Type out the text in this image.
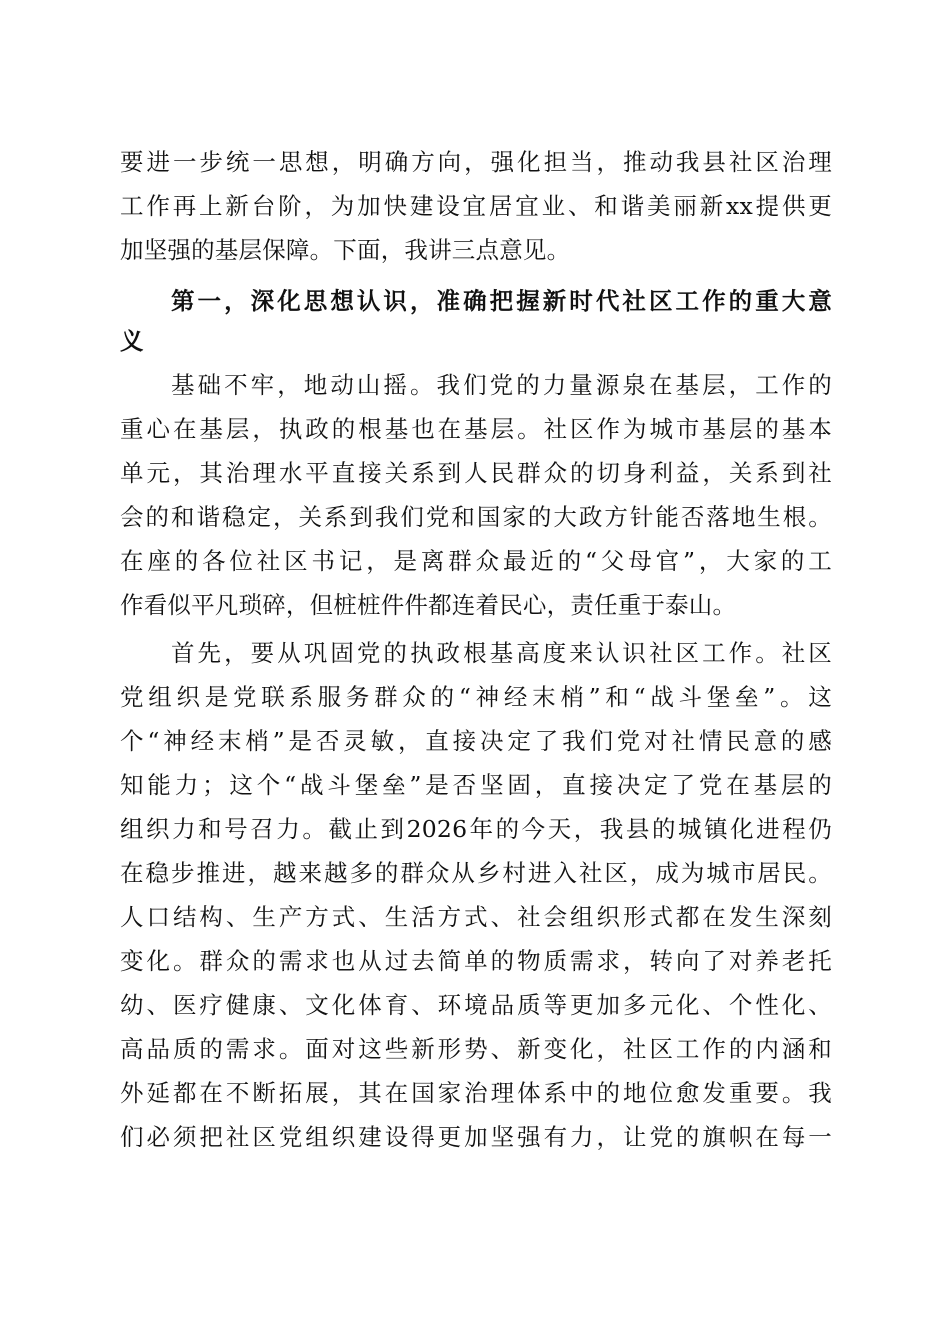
要进一步统一思想，明确方向，强化担当，推动我县社区治理
工作再上新台阶，为加快建设宜居宜业、和谐美丽新xx提供更
加坚强的基层保障。下面，我讲三点意见。
第一，深化思想认识，准确把握新时代社区工作的重大意
义
基础不牢，地动山摇。我们党的力量源泉在基层，工作的
重心在基层，执政的根基也在基层。社区作为城市基层的基本
单元，其治理水平直接关系到人民群众的切身利益，关系到社
会的和谐稳定，关系到我们党和国家的大政方针能否落地生根。
在座的各位社区书记，是离群众最近的“父母官”，大家的工
作看似平凡琐碎，但桩桩件件都连着民心，责任重于泰山。
首先，要从巩固党的执政根基高度来认识社区工作。社区
党组织是党联系服务群众的“神经末梢”和“战斗堡垒”。这
个“神经末梢”是否灵敏，直接决定了我们党对社情民意的感
知能力；这个“战斗堡垒”是否坚固，直接决定了党在基层的
组织力和号召力。截止到2026年的今天，我县的城镇化进程仍
在稳步推进，越来越多的群众从乡村进入社区，成为城市居民。
人口结构、生产方式、生活方式、社会组织形式都在发生深刻
变化。群众的需求也从过去简单的物质需求，转向了对养老托
幼、医疗健康、文化体育、环境品质等更加多元化、个性化、
高品质的需求。面对这些新形势、新变化，社区工作的内涵和
外延都在不断拓展，其在国家治理体系中的地位愈发重要。我
们必须把社区党组织建设得更加坚强有力，让党的旗帜在每一
